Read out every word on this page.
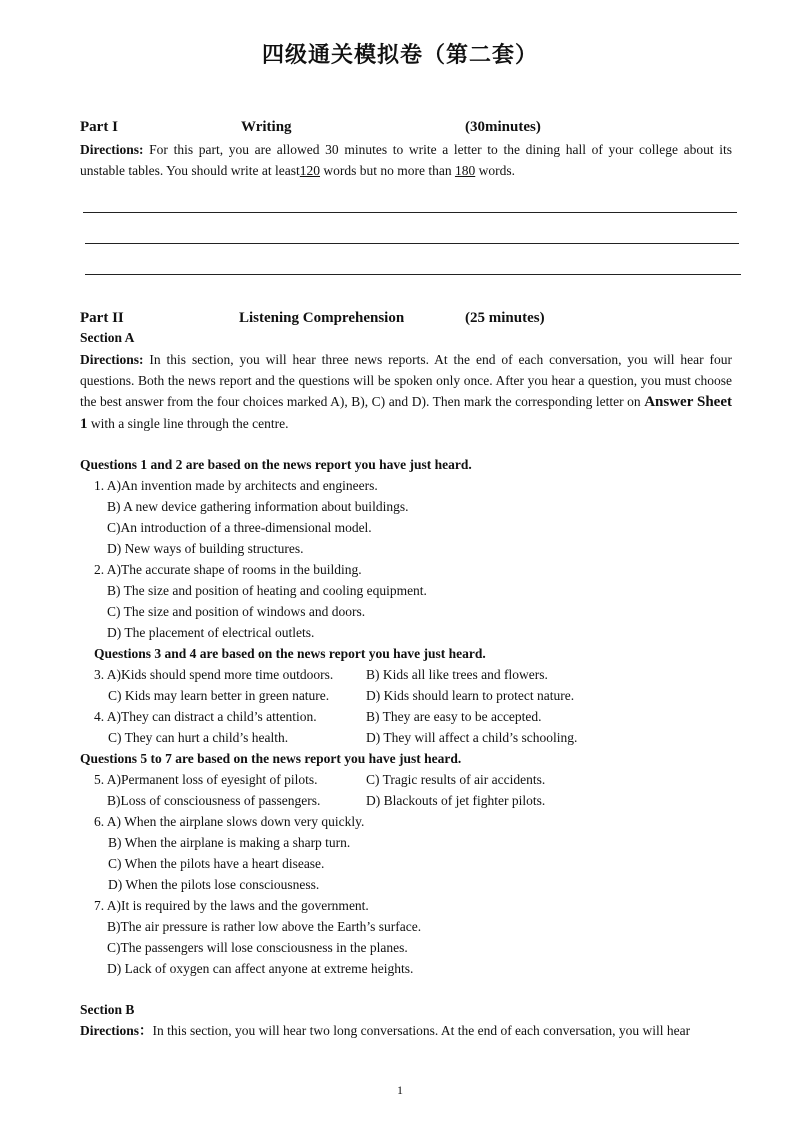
四级通关模拟卷（第二套）
Part I	Writing	(30minutes)
Directions: For this part, you are allowed 30 minutes to write a letter to the dining hall of your college about its unstable tables. You should write at least120 words but no more than 180 words.
Part II	Listening Comprehension	(25 minutes)
Section A
Directions: In this section, you will hear three news reports. At the end of each conversation, you will hear four questions. Both the news report and the questions will be spoken only once. After you hear a question, you must choose the best answer from the four choices marked A), B), C) and D). Then mark the corresponding letter on Answer Sheet 1 with a single line through the centre.
Questions 1 and 2 are based on the news report you have just heard.
1. A)An invention made by architects and engineers.
B) A new device gathering information about buildings.
C)An introduction of a three-dimensional model.
D) New ways of building structures.
2. A)The accurate shape of rooms in the building.
B) The size and position of heating and cooling equipment.
C) The size and position of windows and doors.
D) The placement of electrical outlets.
Questions 3 and 4 are based on the news report you have just heard.
3. A)Kids should spend more time outdoors. B) Kids all like trees and flowers.
C) Kids may learn better in green nature.	D) Kids should learn to protect nature.
4. A)They can distract a child’s attention.	B) They are easy to be accepted.
C) They can hurt a child’s health.	D) They will affect a child’s schooling.
Questions 5 to 7 are based on the news report you have just heard.
5. A)Permanent loss of eyesight of pilots.	C) Tragic results of air accidents.
B)Loss of consciousness of passengers.	D) Blackouts of jet fighter pilots.
6. A) When the airplane slows down very quickly.
B) When the airplane is making a sharp turn.
C) When the pilots have a heart disease.
D) When the pilots lose consciousness.
7. A)It is required by the laws and the government.
B)The air pressure is rather low above the Earth’s surface.
C)The passengers will lose consciousness in the planes.
D) Lack of oxygen can affect anyone at extreme heights.
Section B
Directions：In this section, you will hear two long conversations. At the end of each conversation, you will hear
1
